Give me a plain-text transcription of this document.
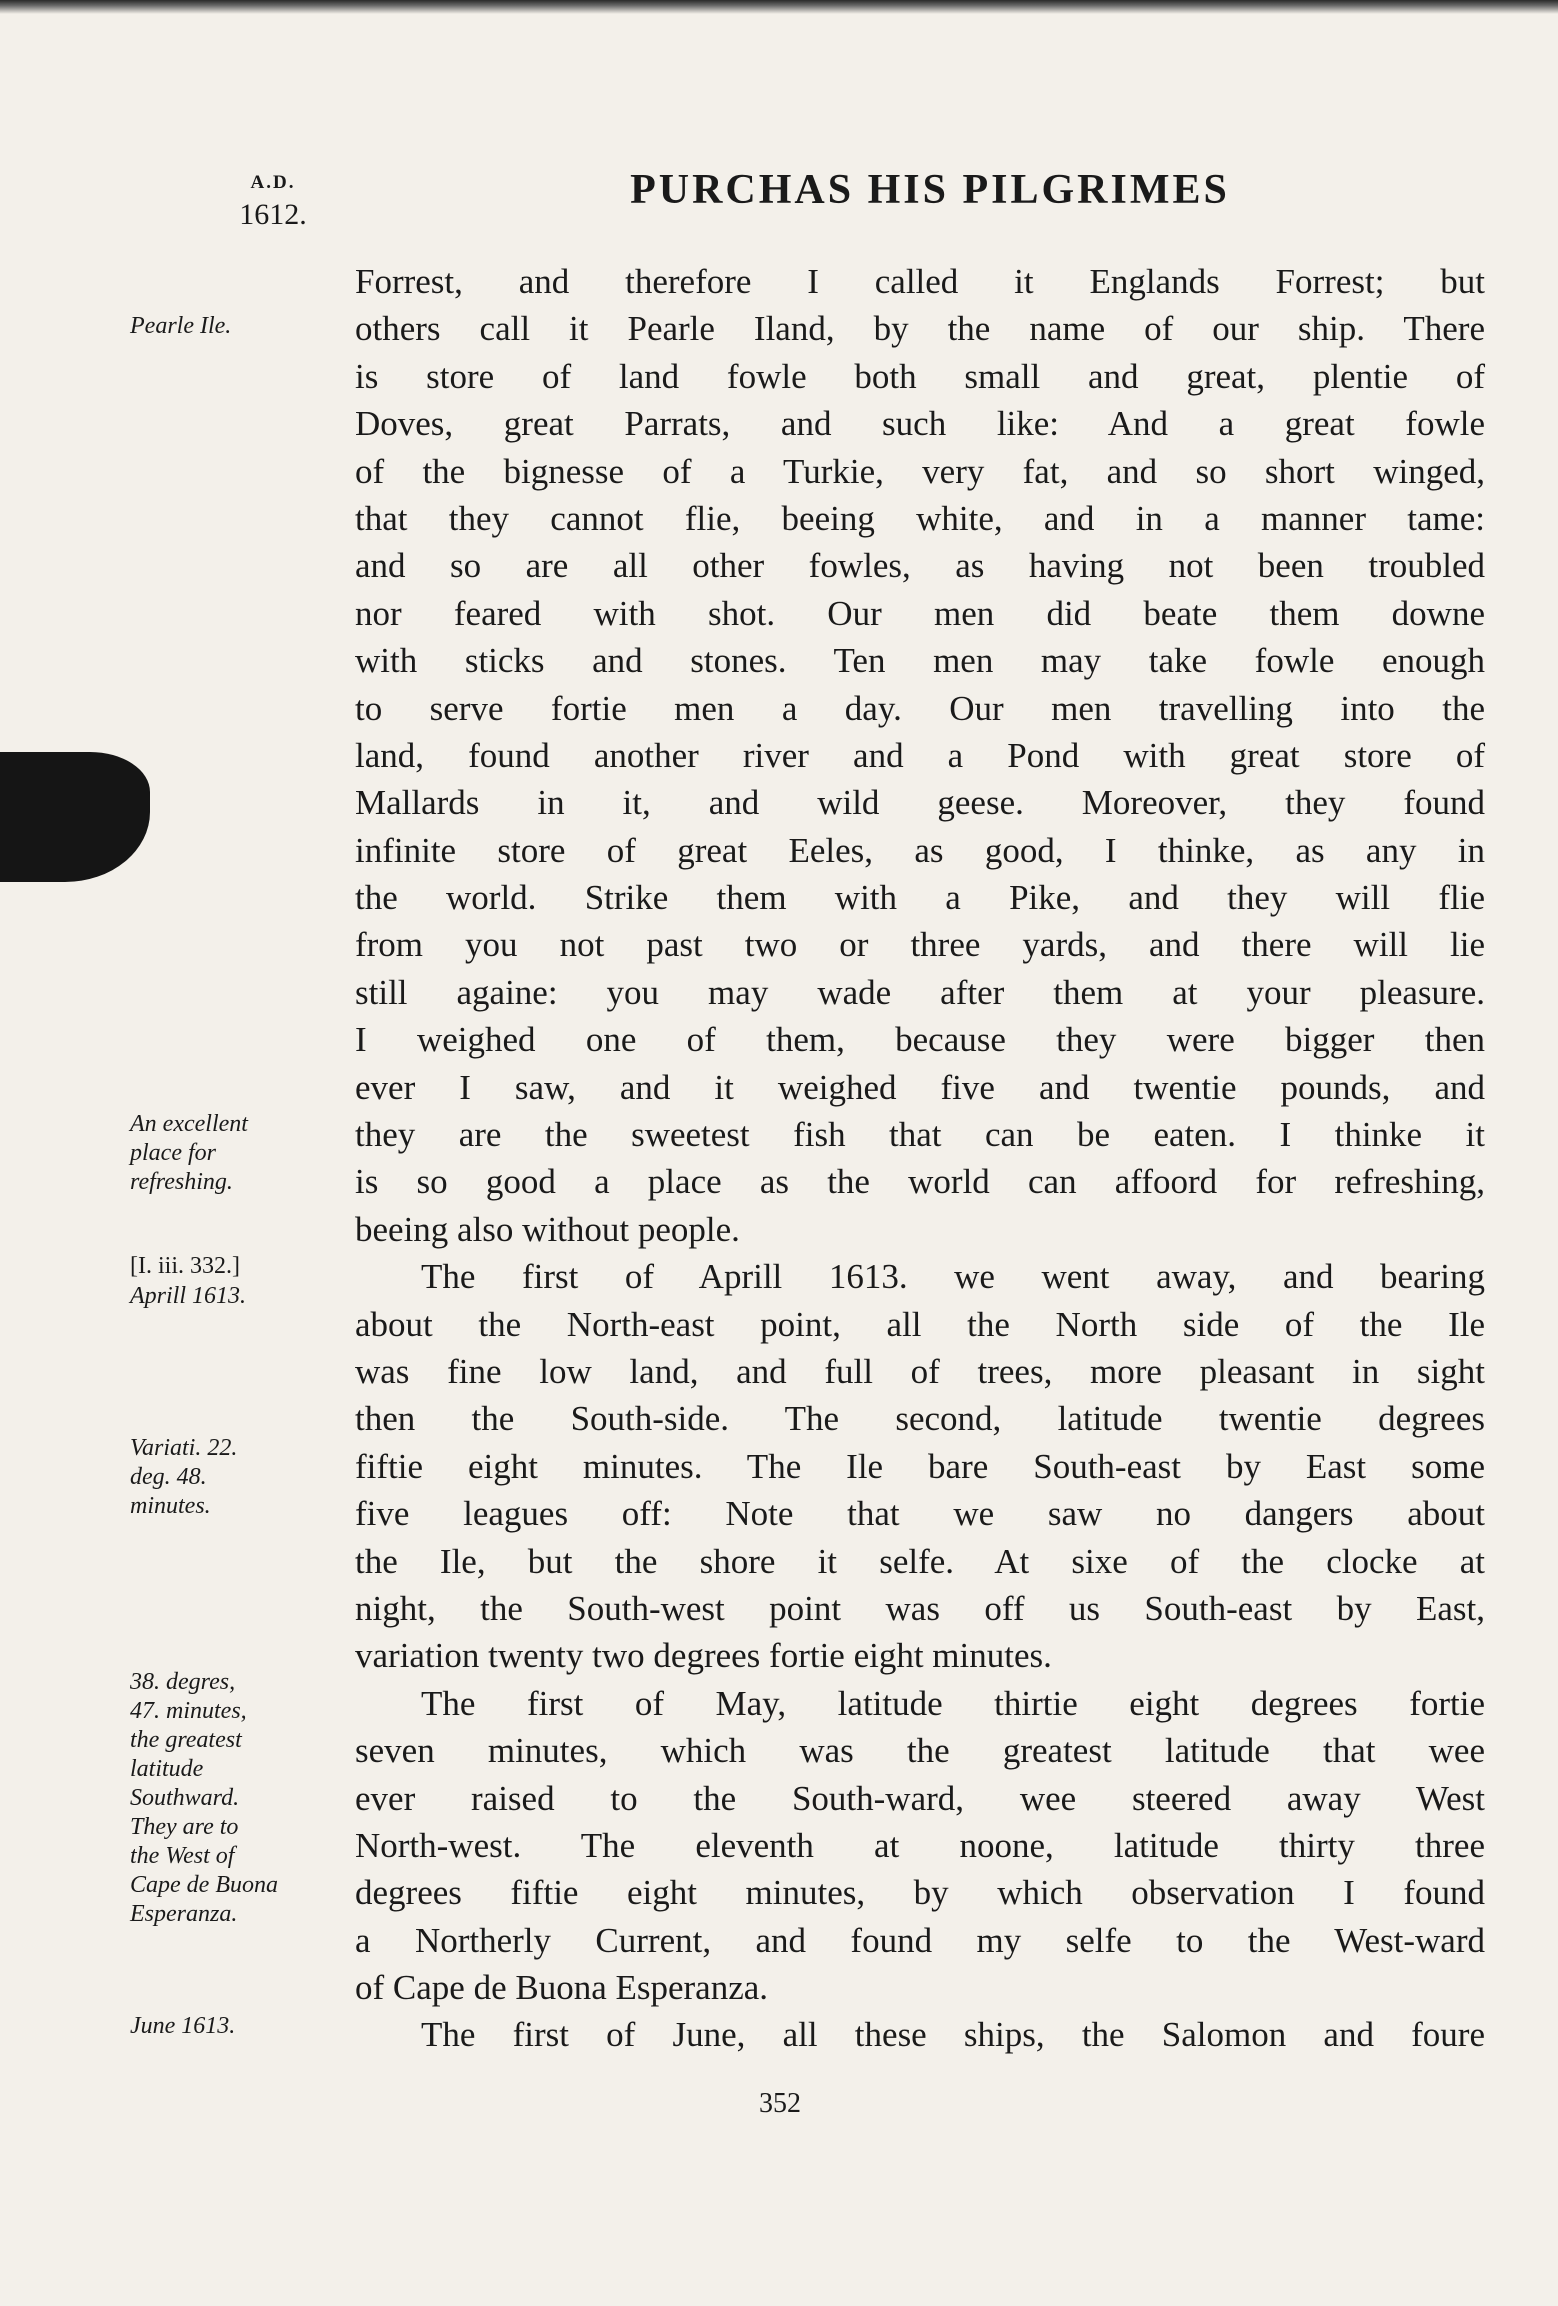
A.D.
1612.
PURCHAS HIS PILGRIMES
Pearle Ile.
An excellent
place for
refreshing.
[I. iii. 332.]
Aprill 1613.
Variati. 22.
deg. 48.
minutes.
38. degres,
47. minutes,
the greatest
latitude
Southward.
They are to
the West of
Cape de Buona
Esperanza.
June 1613.
Forrest, and therefore I called it Englands Forrest; but
others call it Pearle Iland, by the name of our ship. There
is store of land fowle both small and great, plentie of
Doves, great Parrats, and such like: And a great fowle
of the bignesse of a Turkie, very fat, and so short winged,
that they cannot flie, beeing white, and in a manner tame:
and so are all other fowles, as having not been troubled
nor feared with shot. Our men did beate them downe
with sticks and stones. Ten men may take fowle enough
to serve fortie men a day. Our men travelling into the
land, found another river and a Pond with great store of
Mallards in it, and wild geese. Moreover, they found
infinite store of great Eeles, as good, I thinke, as any in
the world. Strike them with a Pike, and they will flie
from you not past two or three yards, and there will lie
still againe: you may wade after them at your pleasure.
I weighed one of them, because they were bigger then
ever I saw, and it weighed five and twentie pounds, and
they are the sweetest fish that can be eaten. I thinke it
is so good a place as the world can affoord for refreshing,
beeing also without people.
The first of Aprill 1613. we went away, and bearing
about the North-east point, all the North side of the Ile
was fine low land, and full of trees, more pleasant in sight
then the South-side. The second, latitude twentie degrees
fiftie eight minutes. The Ile bare South-east by East some
five leagues off: Note that we saw no dangers about
the Ile, but the shore it selfe. At sixe of the clocke at
night, the South-west point was off us South-east by East,
variation twenty two degrees fortie eight minutes.
The first of May, latitude thirtie eight degrees fortie
seven minutes, which was the greatest latitude that wee
ever raised to the South-ward, wee steered away West
North-west. The eleventh at noone, latitude thirty three
degrees fiftie eight minutes, by which observation I found
a Northerly Current, and found my selfe to the West-ward
of Cape de Buona Esperanza.
The first of June, all these ships, the Salomon and foure
352
